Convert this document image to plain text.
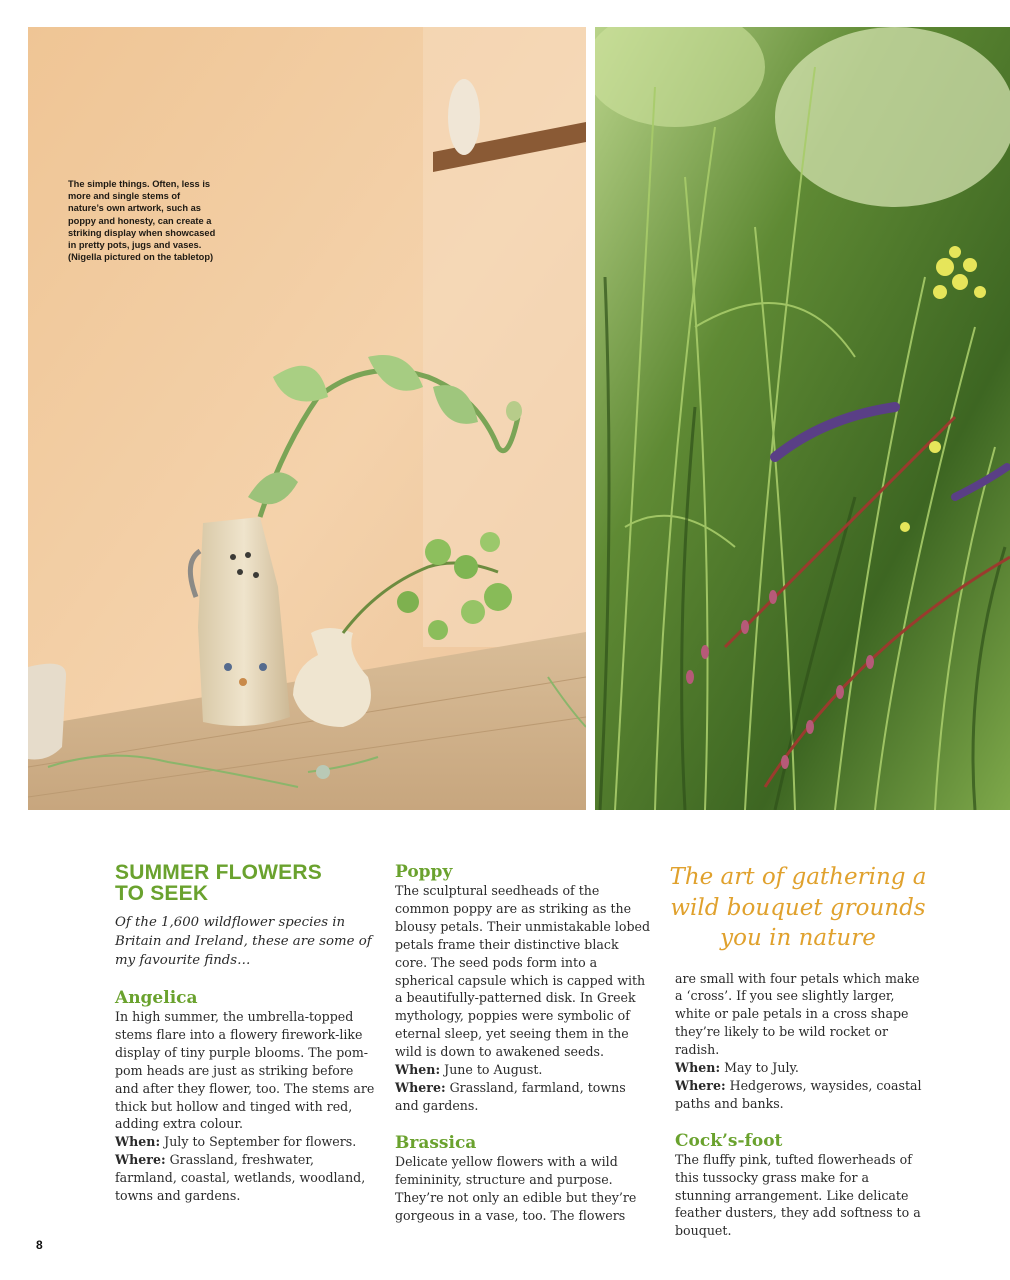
The simple things. Often, less is more and single stems of nature’s own artwork, such as poppy and honesty, can create a striking display when showcased in pretty pots, jugs and vases. (Nigella pictured on the tabletop)
SUMMER FLOWERS
TO SEEK

Of the 1,600 wildflower species in Britain and Ireland, these are some of my favourite finds…

Angelica

In high summer, the umbrella-topped stems flare into a flowery firework-like display of tiny purple blooms. The pom-pom heads are just as striking before and after they flower, too. The stems are thick but hollow and tinged with red, adding extra colour.

When: July to September for flowers.

Where: Grassland, freshwater, farmland, coastal, wetlands, woodland, towns and gardens.

Poppy

The sculptural seedheads of the common poppy are as striking as the blousy petals. Their unmistakable lobed petals frame their distinctive black core. The seed pods form into a spherical capsule which is capped with a beautifully-patterned disk. In Greek mythology, poppies were symbolic of eternal sleep, yet seeing them in the wild is down to awakened seeds.

When: June to August.

Where: Grassland, farmland, towns and gardens.

Brassica

Delicate yellow flowers with a wild femininity, structure and purpose. They’re not only an edible but they’re gorgeous in a vase, too. The flowers

The art of gathering a wild bouquet grounds you in nature

are small with four petals which make a ‘cross’. If you see slightly larger, white or pale petals in a cross shape they’re likely to be wild rocket or radish.

When: May to July.

Where: Hedgerows, waysides, coastal paths and banks.

Cock’s-foot

The fluffy pink, tufted flowerheads of this tussocky grass make for a stunning arrangement. Like delicate feather dusters, they add softness to a bouquet.

8
